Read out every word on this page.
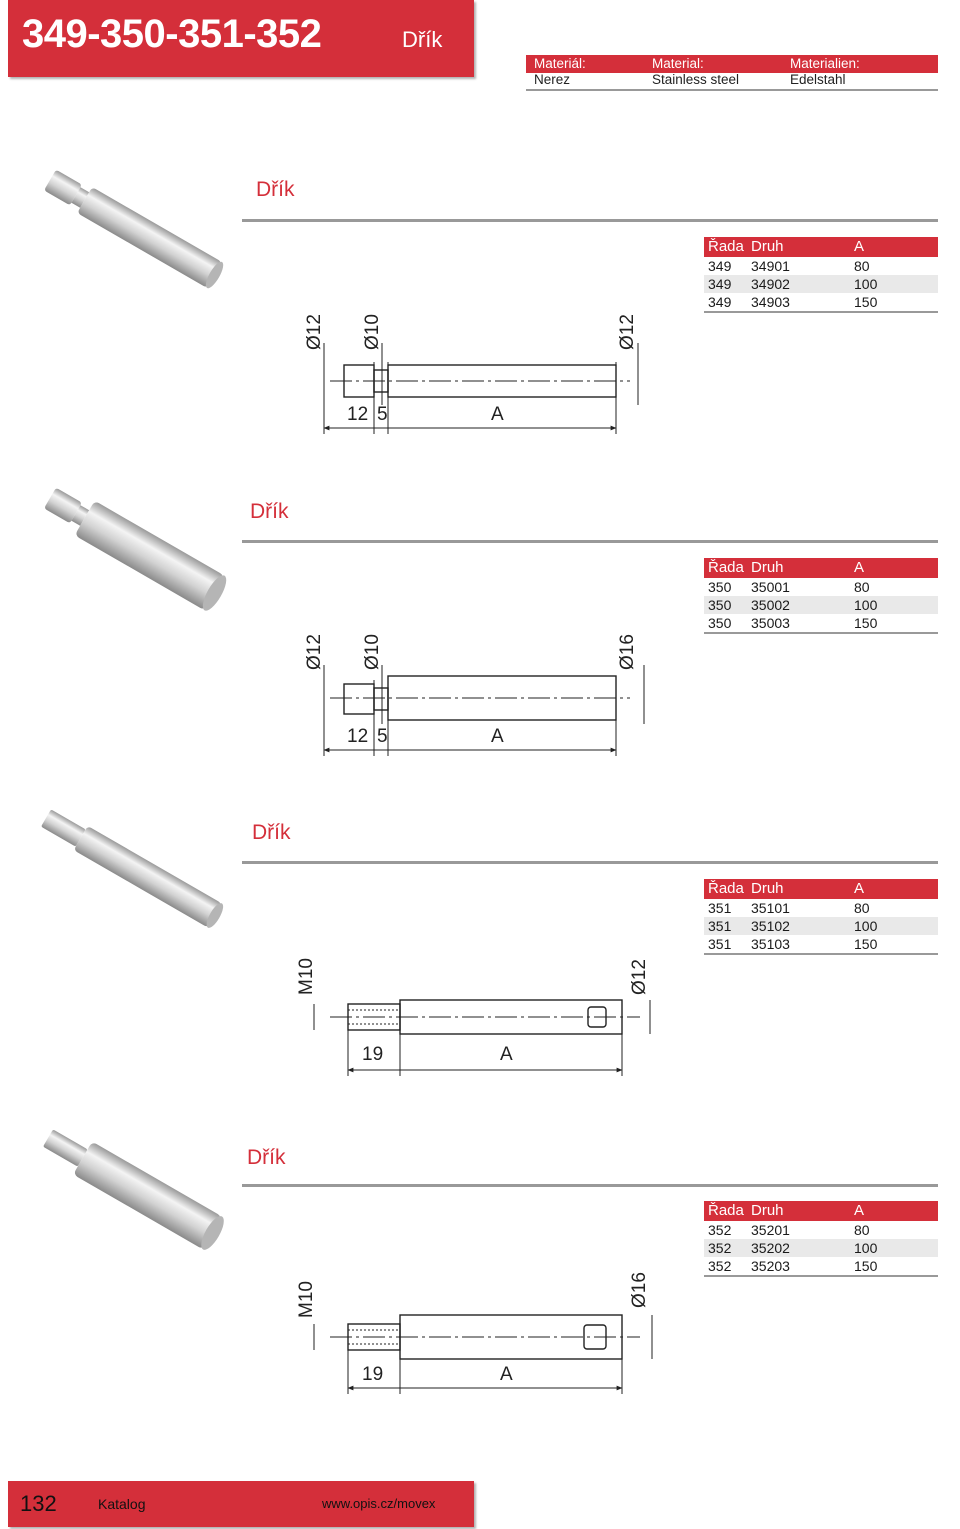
349-350-351-352	Dřík
Materiál:	Material:	Materialien:
Nerez	Stainless steel	Edelstahl
Dřík
Řada Druh	A
349 34901	80
349 34902	100
349 34903	150
Dřík
Řada Druh	A
350 35001	80
350 35002	100
350 35003	150
Dřík
Řada Druh	A
351 35101	80
351 35102	100
351 35103	150
Dřík
Řada Druh	A
352 35201	80
352 35202	100
352 35203	150
Ø12 Ø10	Ø12
12 5	A
Ø12 Ø10	Ø16
12 5	A
M10	Ø12
19	A
M10	Ø16
19	A
132	Katalog	www.opis.cz/movex
